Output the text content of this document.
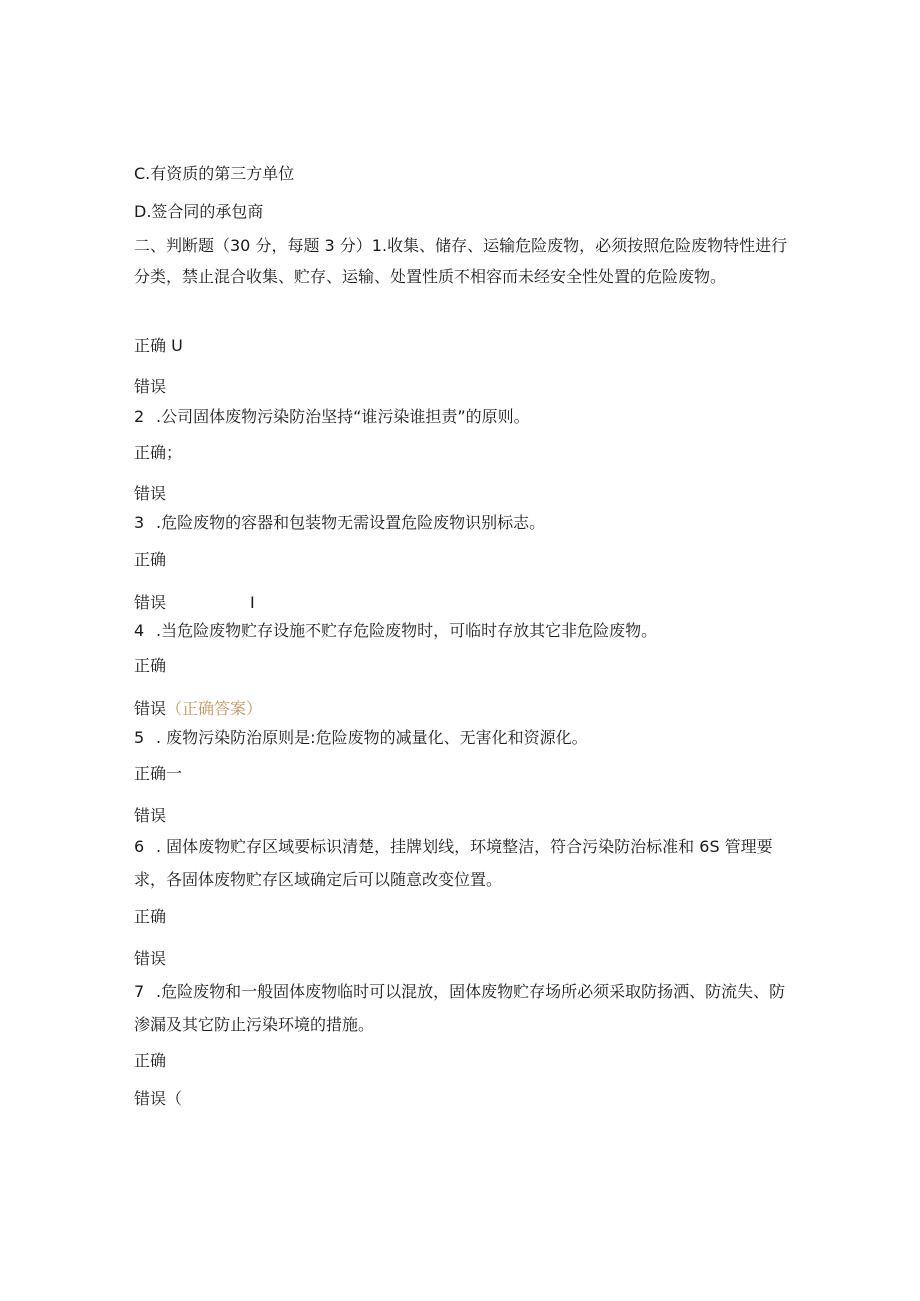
C.有资质的第三方单位

D.签合同的承包商

二、判断题（30 分，每题 3 分）1.收集、储存、运输危险废物，必须按照危险废物特性进行分类，禁止混合收集、贮存、运输、处置性质不相容而未经安全性处置的危险废物。

正确 U

错误

2 .公司固体废物污染防治坚持“谁污染谁担责”的原则。

正确；

错误

3 .危险废物的容器和包装物无需设置危险废物识别标志。

正确

错误	I

4 .当危险废物贮存设施不贮存危险废物时，可临时存放其它非危险废物。

正确

错误（正确答案）

5 . 废物污染防治原则是:危险废物的减量化、无害化和资源化。

正确一

错误

6 . 固体废物贮存区域要标识清楚，挂牌划线，环境整洁，符合污染防治标准和 6S 管理要求，各固体废物贮存区域确定后可以随意改变位置。

正确

错误

7 .危险废物和一般固体废物临时可以混放，固体废物贮存场所必须采取防扬洒、防流失、防渗漏及其它防止污染环境的措施。

正确

错误（
